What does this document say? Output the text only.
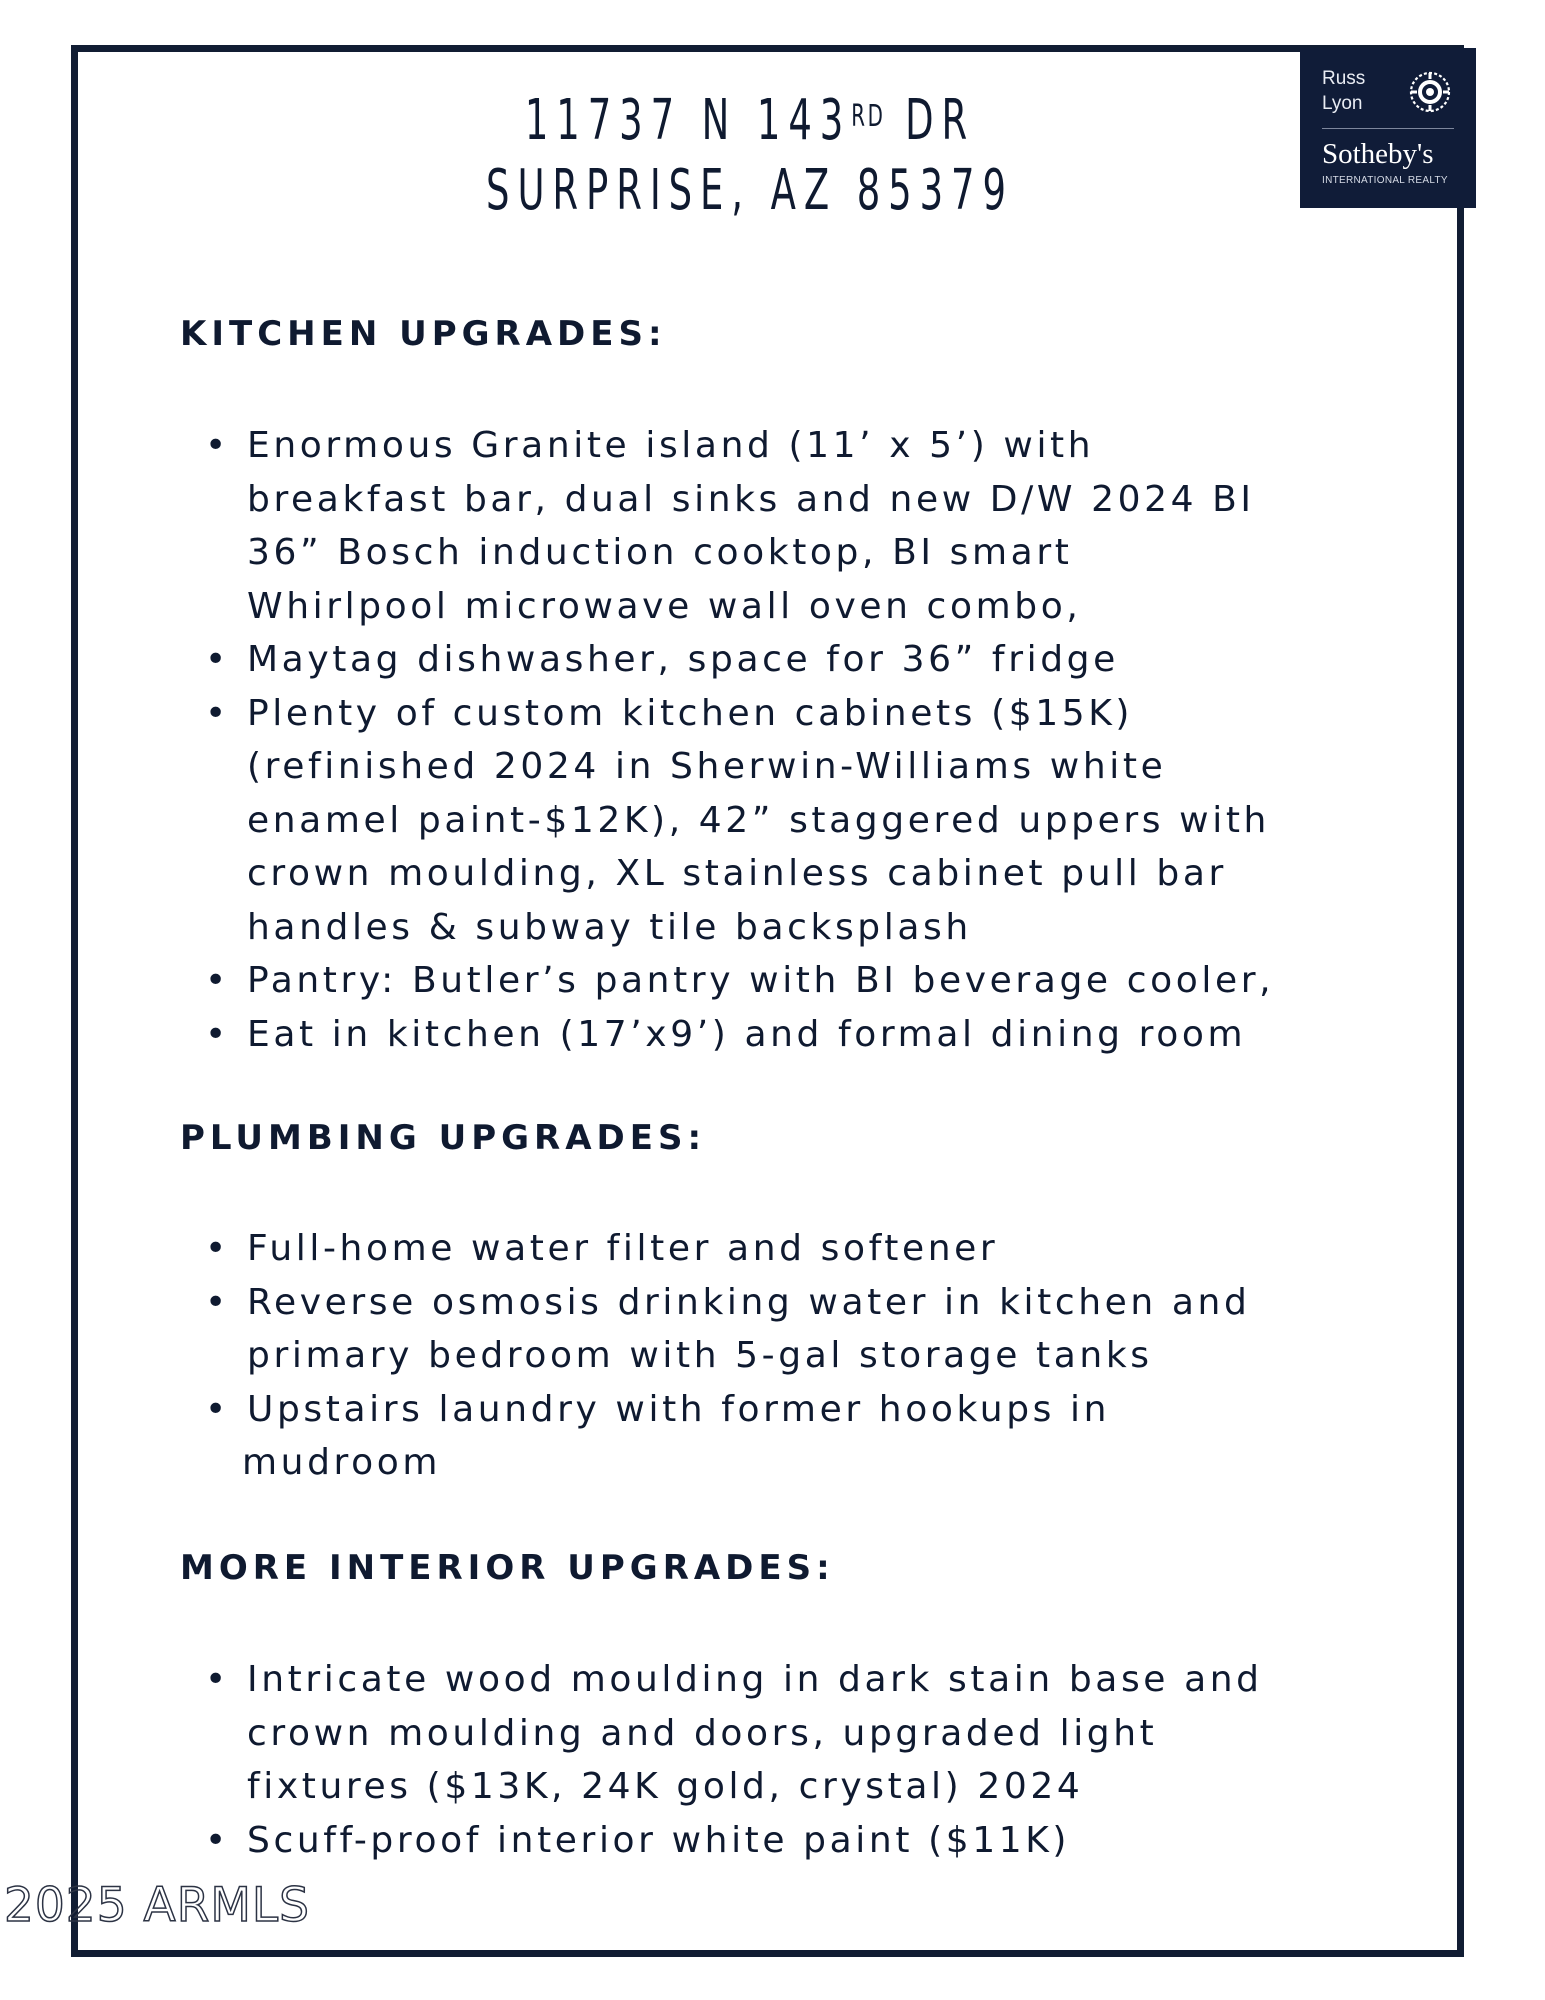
Russ
Lyon
Sotheby's
INTERNATIONAL REALTY
11737 N 143RD DR
SURPRISE, AZ 85379
KITCHEN UPGRADES:
• Enormous Granite island (11’ x 5’) with
breakfast bar, dual sinks and new D/W 2024 BI
36” Bosch induction cooktop, BI smart
Whirlpool microwave wall oven combo,
• Maytag dishwasher, space for 36” fridge
• Plenty of custom kitchen cabinets ($15K)
(refinished 2024 in Sherwin-Williams white
enamel paint-$12K), 42” staggered uppers with
crown moulding, XL stainless cabinet pull bar
handles & subway tile backsplash
• Pantry: Butler’s pantry with BI beverage cooler,
• Eat in kitchen (17’x9’) and formal dining room
PLUMBING UPGRADES:
• Full-home water filter and softener
• Reverse osmosis drinking water in kitchen and
primary bedroom with 5-gal storage tanks
• Upstairs laundry with former hookups in
mudroom
MORE INTERIOR UPGRADES:
• Intricate wood moulding in dark stain base and
crown moulding and doors, upgraded light
fixtures ($13K, 24K gold, crystal) 2024
• Scuff-proof interior white paint ($11K)
2025 ARMLS
